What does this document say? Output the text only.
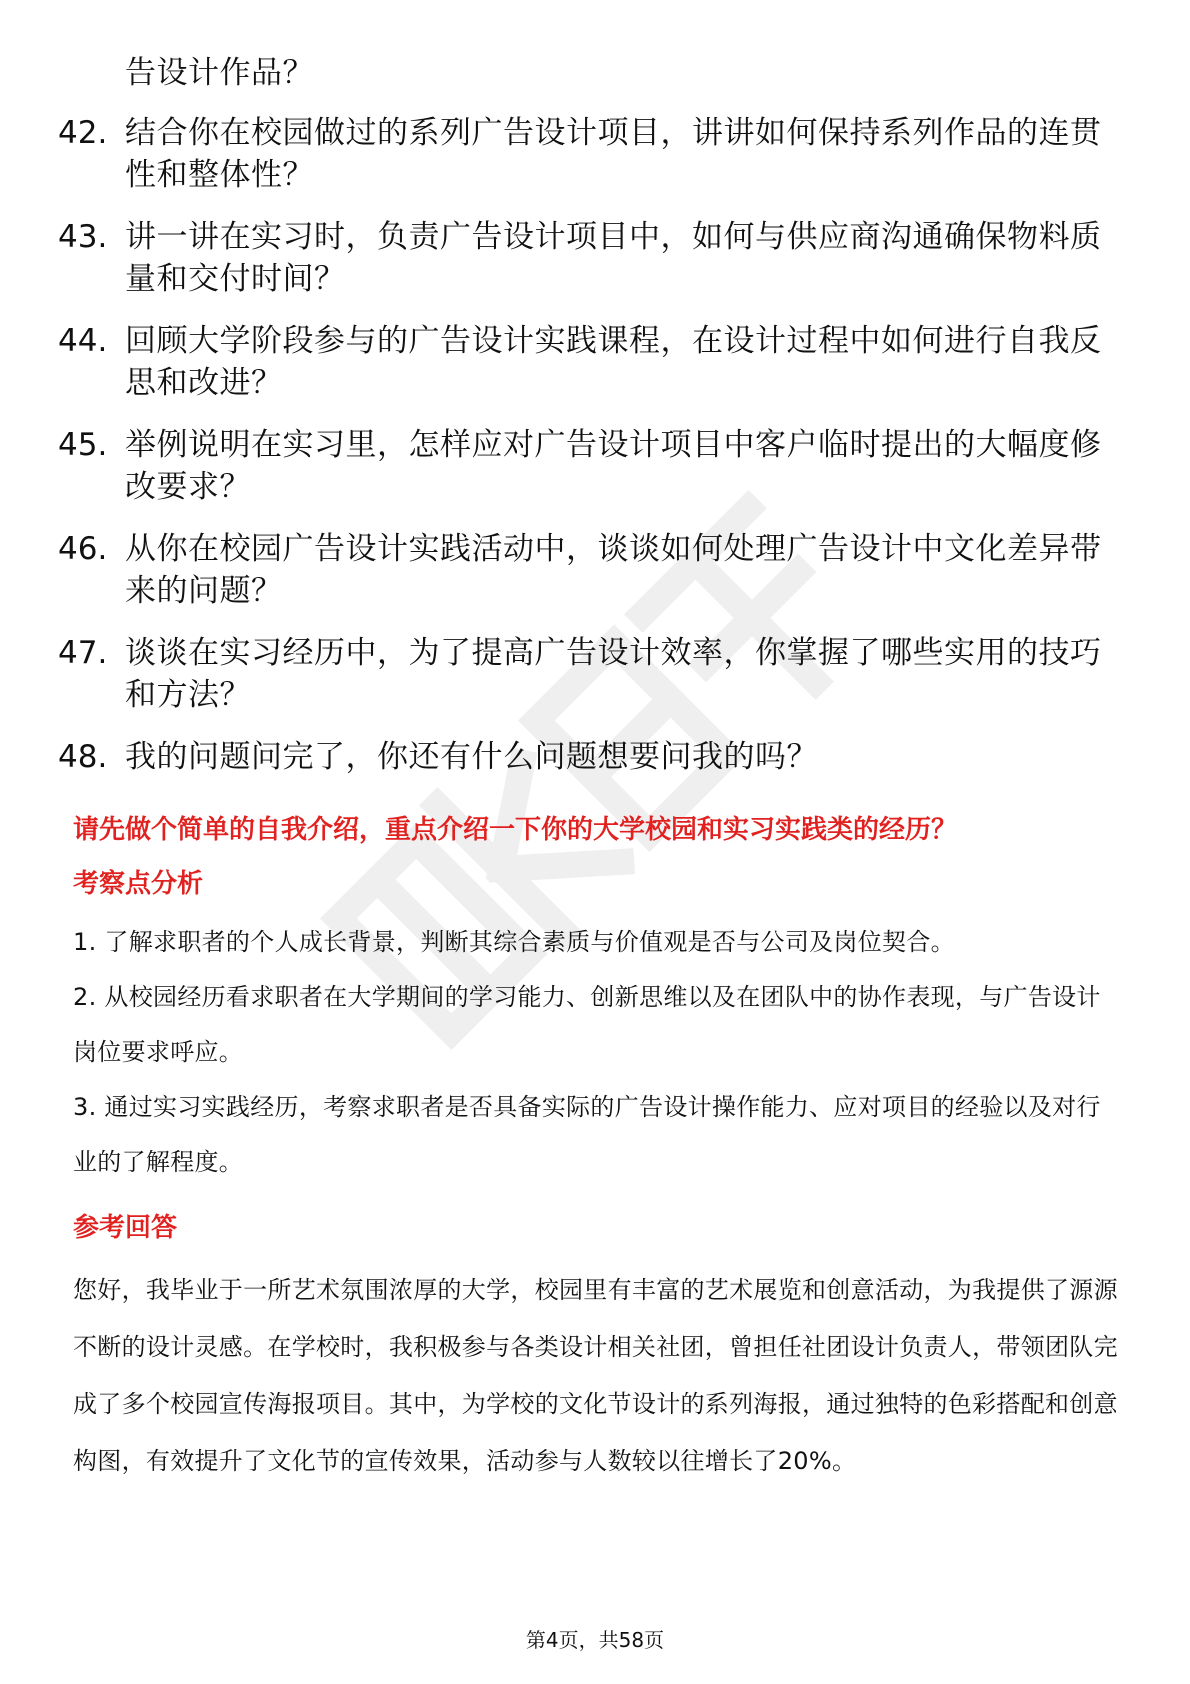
告设计作品？
42. 结合你在校园做过的系列广告设计项目，讲讲如何保持系列作品的连贯性和整体性？
43. 讲一讲在实习时，负责广告设计项目中，如何与供应商沟通确保物料质量和交付时间？
44. 回顾大学阶段参与的广告设计实践课程，在设计过程中如何进行自我反思和改进？
45. 举例说明在实习里，怎样应对广告设计项目中客户临时提出的大幅度修改要求？
46. 从你在校园广告设计实践活动中，谈谈如何处理广告设计中文化差异带来的问题？
47. 谈谈在实习经历中，为了提高广告设计效率，你掌握了哪些实用的技巧和方法？
48. 我的问题问完了，你还有什么问题想要问我的吗？
请先做个简单的自我介绍，重点介绍一下你的大学校园和实习实践类的经历？
考察点分析
1. 了解求职者的个人成长背景，判断其综合素质与价值观是否与公司及岗位契合。
2. 从校园经历看求职者在大学期间的学习能力、创新思维以及在团队中的协作表现，与广告设计岗位要求呼应。
3. 通过实习实践经历，考察求职者是否具备实际的广告设计操作能力、应对项目的经验以及对行业的了解程度。
参考回答

您好，我毕业于一所艺术氛围浓厚的大学，校园里有丰富的艺术展览和创意活动，为我提供了源源不断的设计灵感。在学校时，我积极参与各类设计相关社团，曾担任社团设计负责人，带领团队完成了多个校园宣传海报项目。其中，为学校的文化节设计的系列海报，通过独特的色彩搭配和创意构图，有效提升了文化节的宣传效果，活动参与人数较以往增长了20%。

第4页，共58页
